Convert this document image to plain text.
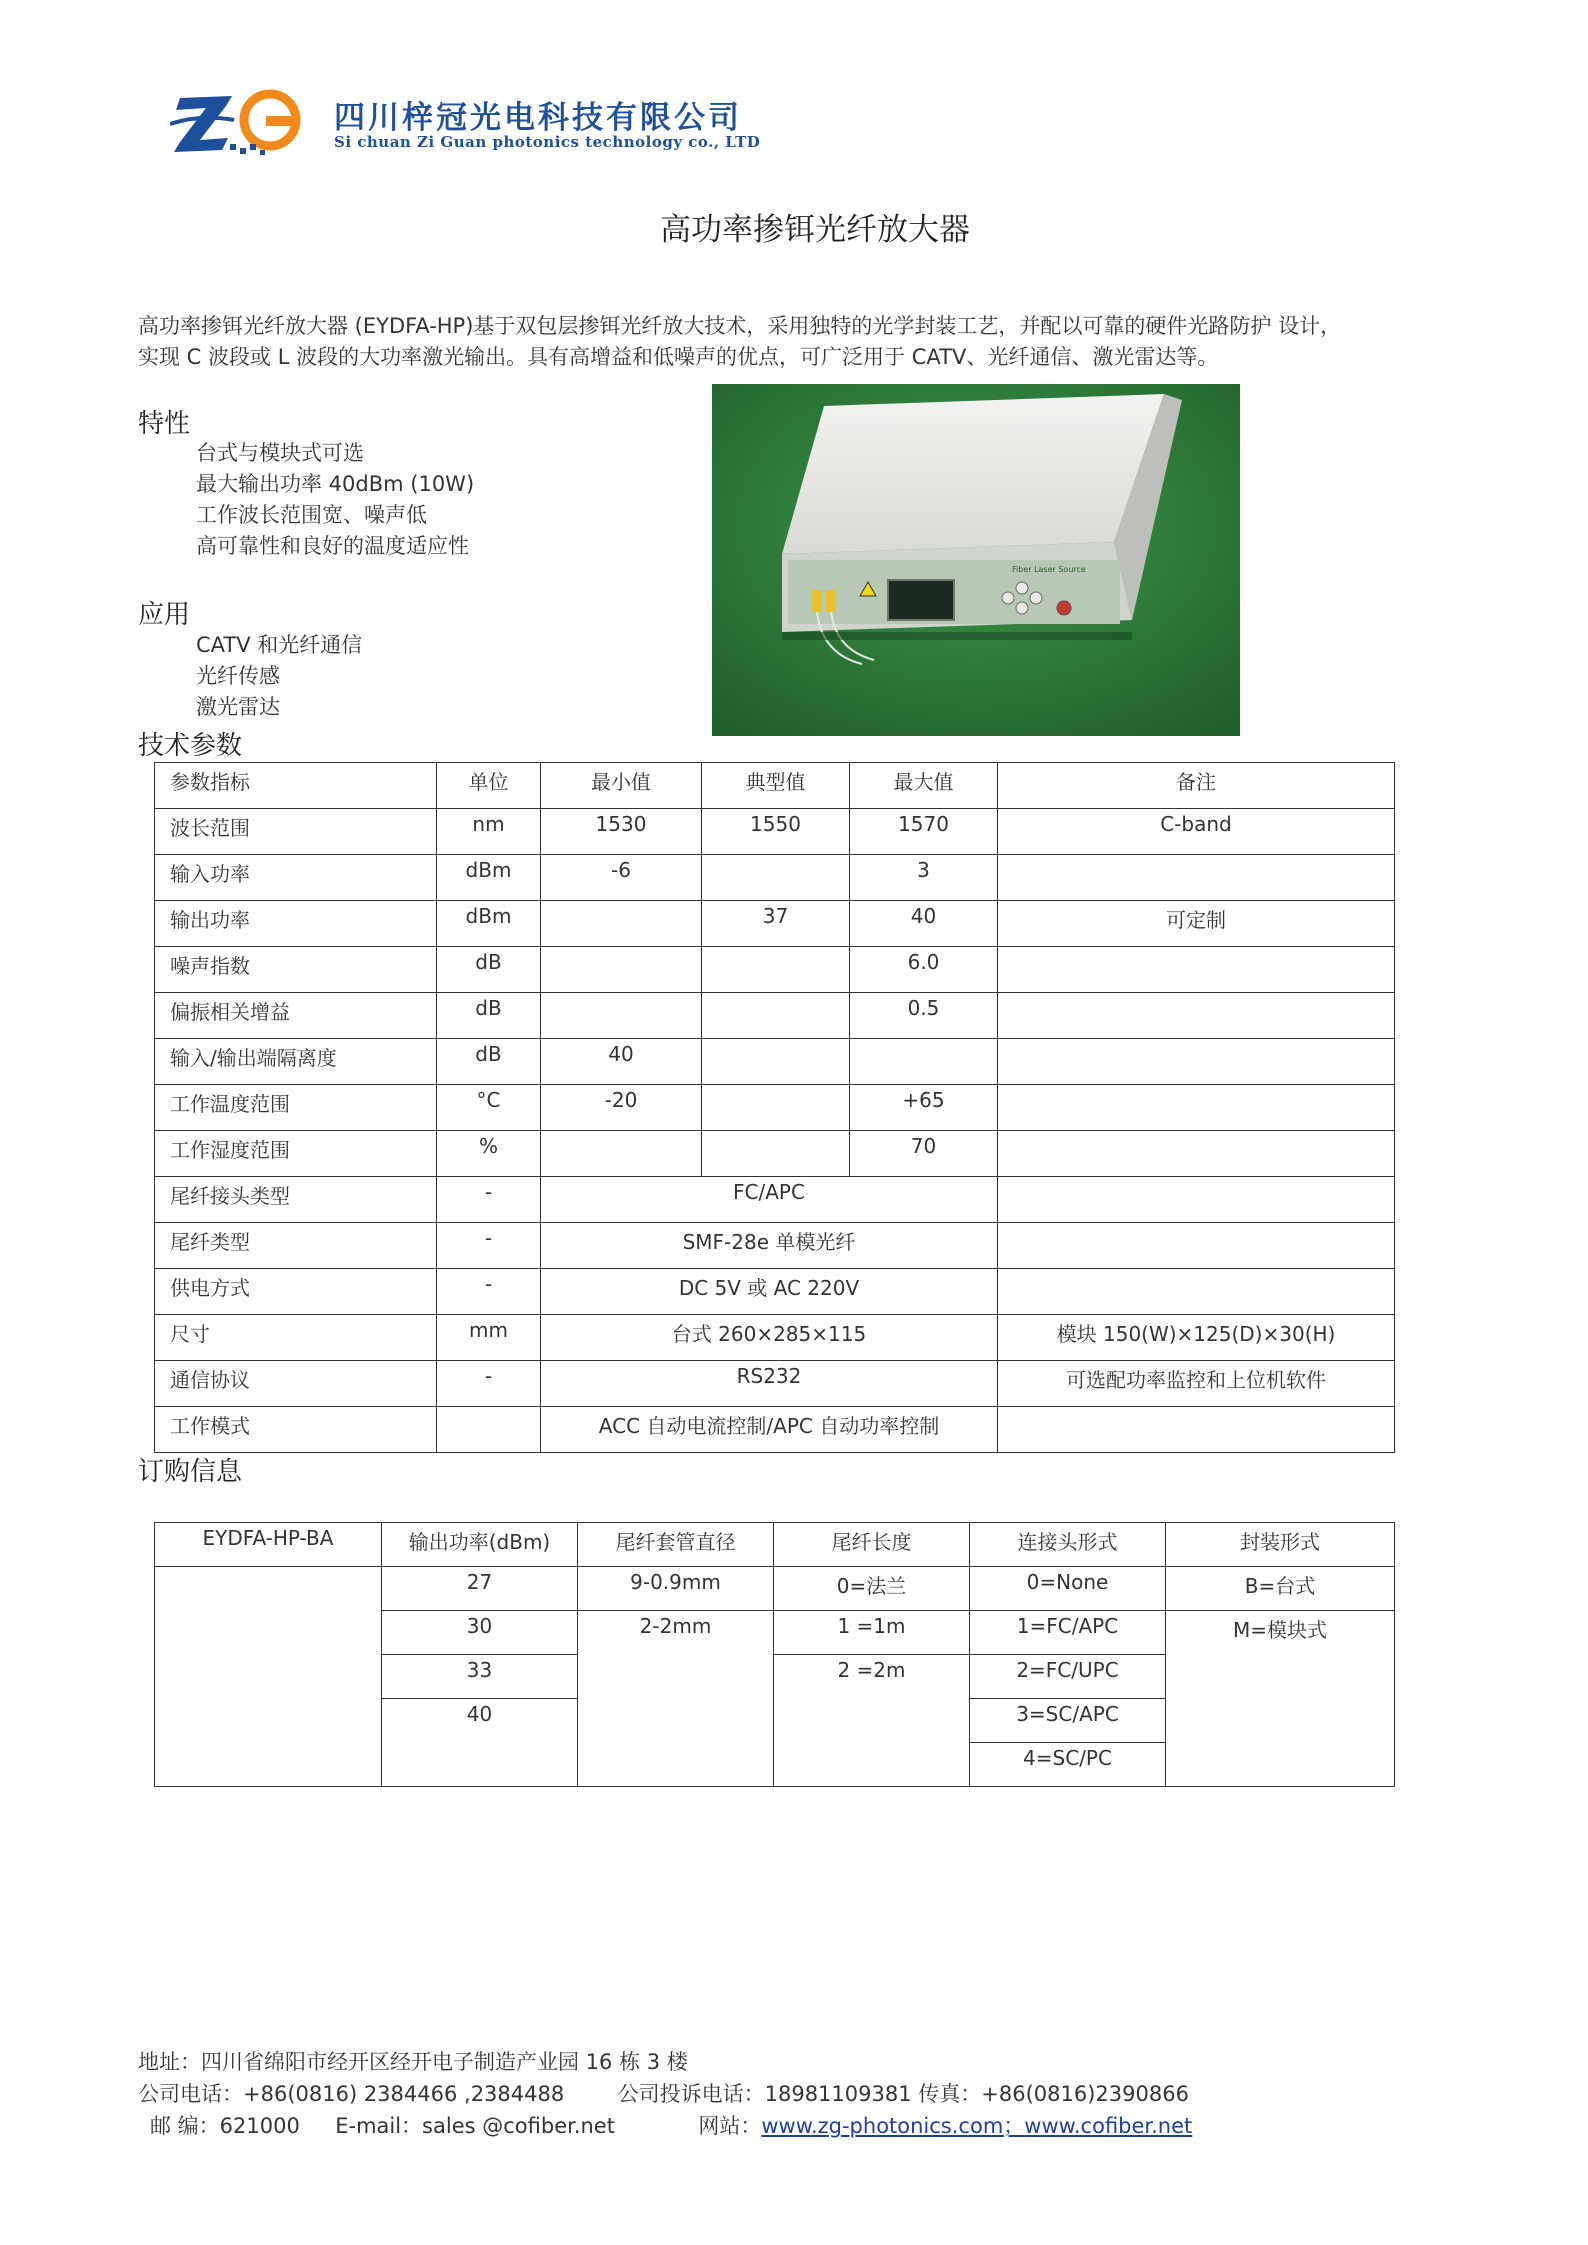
四川梓冠光电科技有限公司
Si chuan Zi Guan photonics technology co., LTD
高功率掺铒光纤放大器
高功率掺铒光纤放大器 (EYDFA-HP)基于双包层掺铒光纤放大技术，采用独特的光学封装工艺，并配以可靠的硬件光路防护 设计，
实现 C 波段或 L 波段的大功率激光输出。具有高增益和低噪声的优点，可广泛用于 CATV、光纤通信、激光雷达等。
特性
台式与模块式可选
最大输出功率 40dBm (10W)
工作波长范围宽、噪声低
高可靠性和良好的温度适应性
应用
CATV 和光纤通信
光纤传感
激光雷达
Fiber Laser Source
技术参数
参数指标	单位	最小值	典型值	最大值	备注
波长范围	nm	1530	1550	1570	C-band
输入功率	dBm	-6		3	
输出功率	dBm		37	40	可定制
噪声指数	dB			6.0	
偏振相关增益	dB			0.5	
输入/输出端隔离度	dB	40			
工作温度范围	°C	-20		+65	
工作湿度范围	%			70	
尾纤接头类型	-	FC/APC			
尾纤类型	-	SMF-28e 单模光纤			
供电方式	-	DC 5V 或 AC 220V			
尺寸	mm	台式 260×285×115			模块 150(W)×125(D)×30(H)
通信协议	-	RS232			可选配功率监控和上位机软件
工作模式		ACC 自动电流控制/APC 自动功率控制			
订购信息
EYDFA-HP-BA	输出功率(dBm)	尾纤套管直径	尾纤长度	连接头形式	封装形式
	27	9-0.9mm	0=法兰	0=None	B=台式
	30	2-2mm	1 =1m	1=FC/APC	M=模块式
	33		2 =2m	2=FC/UPC	
	40			3=SC/APC	
				4=SC/PC	
地址：四川省绵阳市经开区经开电子制造产业园 16 栋 3 楼
公司电话：+86(0816) 2384466 ,2384488	公司投诉电话：18981109381 传真：+86(0816)2390866
邮 编：621000 E-mail：sales @cofiber.net	网站：www.zg-photonics.com；www.cofiber.net
